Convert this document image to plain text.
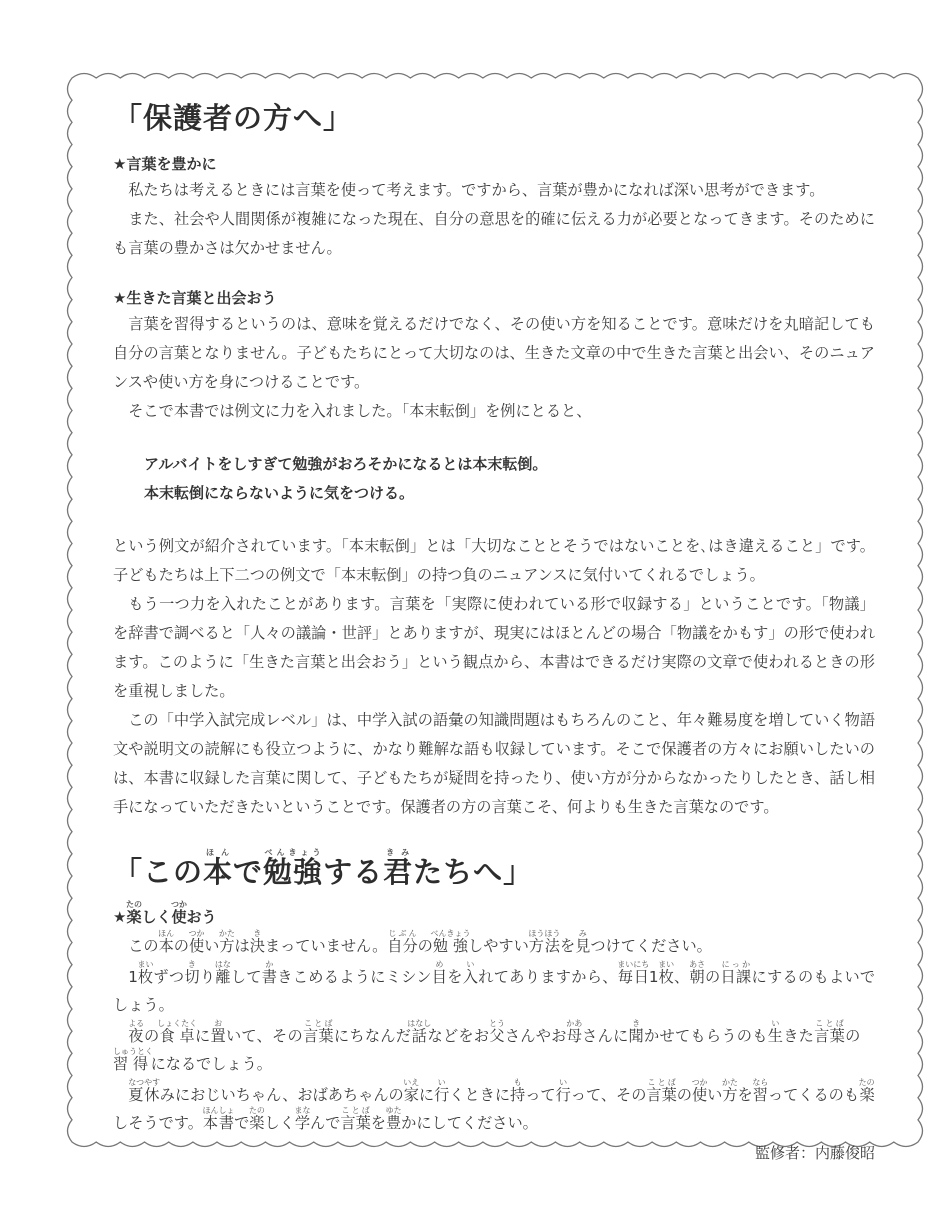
「保護者の方へ」
★言葉を豊かに

私たちは考えるときには言葉を使って考えます。ですから、言葉が豊かになれば深い思考ができます。

また、社会や人間関係が複雑になった現在、自分の意思を的確に伝える力が必要となってきます。そのためにも言葉の豊かさは欠かせません。

★生きた言葉と出会おう

言葉を習得するというのは、意味を覚えるだけでなく、その使い方を知ることです。意味だけを丸暗記しても自分の言葉となりません。子どもたちにとって大切なのは、生きた文章の中で生きた言葉と出会い、そのニュアンスや使い方を身につけることです。

そこで本書では例文に力を入れました。「本末転倒」を例にとると、

アルバイトをしすぎて勉強がおろそかになるとは本末転倒。
本末転倒にならないように気をつける。

という例文が紹介されています。「本末転倒」とは「大切なこととそうではないことを､はき違えること」です。子どもたちは上下二つの例文で「本末転倒」の持つ負のニュアンスに気付いてくれるでしょう。

もう一つ力を入れたことがあります。言葉を「実際に使われている形で収録する」ということです。「物議」を辞書で調べると「人々の議論・世評」とありますが、現実にはほとんどの場合「物議をかもす」の形で使われます。このように「生きた言葉と出会おう」という観点から、本書はできるだけ実際の文章で使われるときの形を重視しました。

この「中学入試完成レベル」は、中学入試の語彙の知識問題はもちろんのこと、年々難易度を増していく物語文や説明文の読解にも役立つように、かなり難解な語も収録しています。そこで保護者の方々にお願いしたいのは、本書に収録した言葉に関して、子どもたちが疑問を持ったり、使い方が分からなかったりしたとき、話し相手になっていただきたいということです。保護者の方の言葉こそ、何よりも生きた言葉なのです。

「この本ほんで勉強べんきょうする君きみたちへ」
★楽たのしく使つかおう

この本ほんの使つかい方かたは決きまっていません。自分じぶんの勉強べんきょうしやすい方法ほうほうを見みつけてください。

1枚まいずつ切きり離はなして書かきこめるようにミシン目めを入いれてありますから、毎日まいにち1枚まい、朝あさの日課にっかにするのもよいでしょう。

夜よるの食卓しょくたくに置おいて、その言葉ことばにちなんだ話はなしなどをお父とうさんやお母かあさんに聞きかせてもらうのも生いきた言葉ことばの習得しゅうとくになるでしょう。

夏休なつやすみにおじいちゃん、おばあちゃんの家いえに行いくときに持もって行いって、その言葉ことばの使つかい方かたを習ならってくるのも楽たのしそうです。本書ほんしょで楽たのしく学まなんで言葉ことばを豊ゆたかにしてください。

監修者：内藤俊昭
